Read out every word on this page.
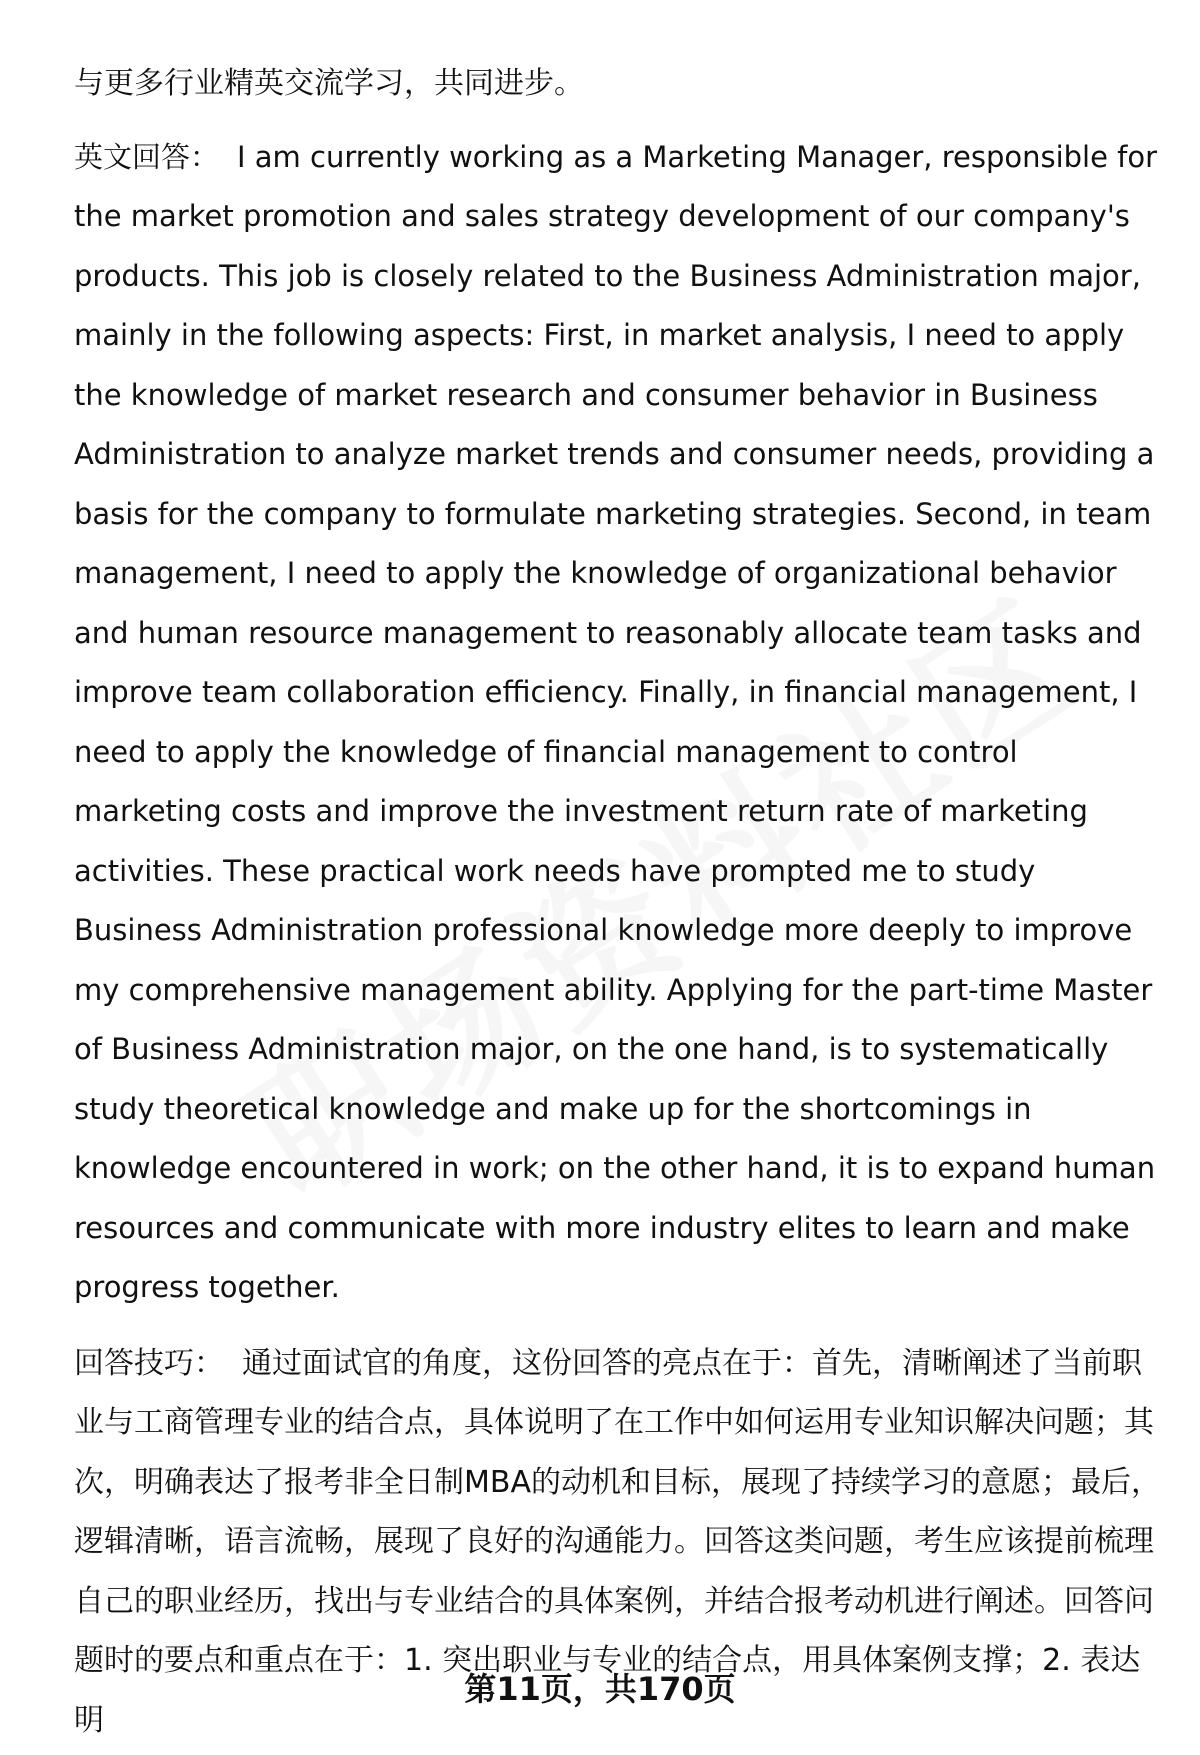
与更多行业精英交流学习，共同进步。

英文回答： I am currently working as a Marketing Manager, responsible for the market promotion and sales strategy development of our company's products. This job is closely related to the Business Administration major, mainly in the following aspects: First, in market analysis, I need to apply the knowledge of market research and consumer behavior in Business Administration to analyze market trends and consumer needs, providing a basis for the company to formulate marketing strategies. Second, in team management, I need to apply the knowledge of organizational behavior and human resource management to reasonably allocate team tasks and improve team collaboration efficiency. Finally, in financial management, I need to apply the knowledge of financial management to control marketing costs and improve the investment return rate of marketing activities. These practical work needs have prompted me to study Business Administration professional knowledge more deeply to improve my comprehensive management ability. Applying for the part-time Master of Business Administration major, on the one hand, is to systematically study theoretical knowledge and make up for the shortcomings in knowledge encountered in work; on the other hand, it is to expand human resources and communicate with more industry elites to learn and make progress together.

回答技巧： 通过面试官的角度，这份回答的亮点在于：首先，清晰阐述了当前职业与工商管理专业的结合点，具体说明了在工作中如何运用专业知识解决问题；其次，明确表达了报考非全日制MBA的动机和目标，展现了持续学习的意愿；最后，逻辑清晰，语言流畅，展现了良好的沟通能力。回答这类问题，考生应该提前梳理自己的职业经历，找出与专业结合的具体案例，并结合报考动机进行阐述。回答问题时的要点和重点在于：1. 突出职业与专业的结合点，用具体案例支撑；2. 表达明

第11页，共170页
